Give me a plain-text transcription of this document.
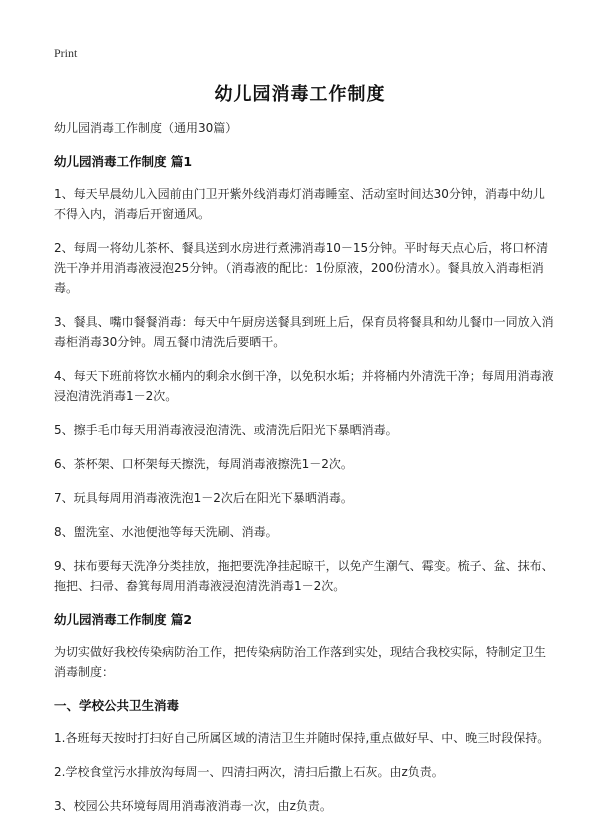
Print
幼儿园消毒工作制度

幼儿园消毒工作制度（通用30篇）

幼儿园消毒工作制度 篇1

1、每天早晨幼儿入园前由门卫开紫外线消毒灯消毒睡室、活动室时间达30分钟，消毒中幼儿不得入内，消毒后开窗通风。

2、每周一将幼儿茶杯、餐具送到水房进行煮沸消毒10－15分钟。平时每天点心后，将口杯清洗干净并用消毒液浸泡25分钟。（消毒液的配比：1份原液，200份清水）。餐具放入消毒柜消毒。

3、餐具、嘴巾餐餐消毒：每天中午厨房送餐具到班上后，保育员将餐具和幼儿餐巾一同放入消毒柜消毒30分钟。周五餐巾清洗后要晒干。

4、每天下班前将饮水桶内的剩余水倒干净，以免积水垢；并将桶内外清洗干净；每周用消毒液浸泡清洗消毒1－2次。

5、擦手毛巾每天用消毒液浸泡清洗、或清洗后阳光下暴晒消毒。

6、茶杯架、口杯架每天擦洗，每周消毒液擦洗1－2次。

7、玩具每周用消毒液洗泡1－2次后在阳光下暴晒消毒。

8、盥洗室、水池便池等每天洗刷、消毒。

9、抹布要每天洗净分类挂放，拖把要洗净挂起晾干，以免产生潮气、霉变。梳子、盆、抹布、拖把、扫帚、畚箕每周用消毒液浸泡清洗消毒1－2次。

幼儿园消毒工作制度 篇2

为切实做好我校传染病防治工作，把传染病防治工作落到实处，现结合我校实际，特制定卫生消毒制度：

一、学校公共卫生消毒

1.各班每天按时打扫好自己所属区域的清洁卫生并随时保持,重点做好早、中、晚三时段保持。

2.学校食堂污水排放沟每周一、四清扫两次，清扫后撒上石灰。由z负责。

3、校园公共环境每周用消毒液消毒一次，由z负责。
